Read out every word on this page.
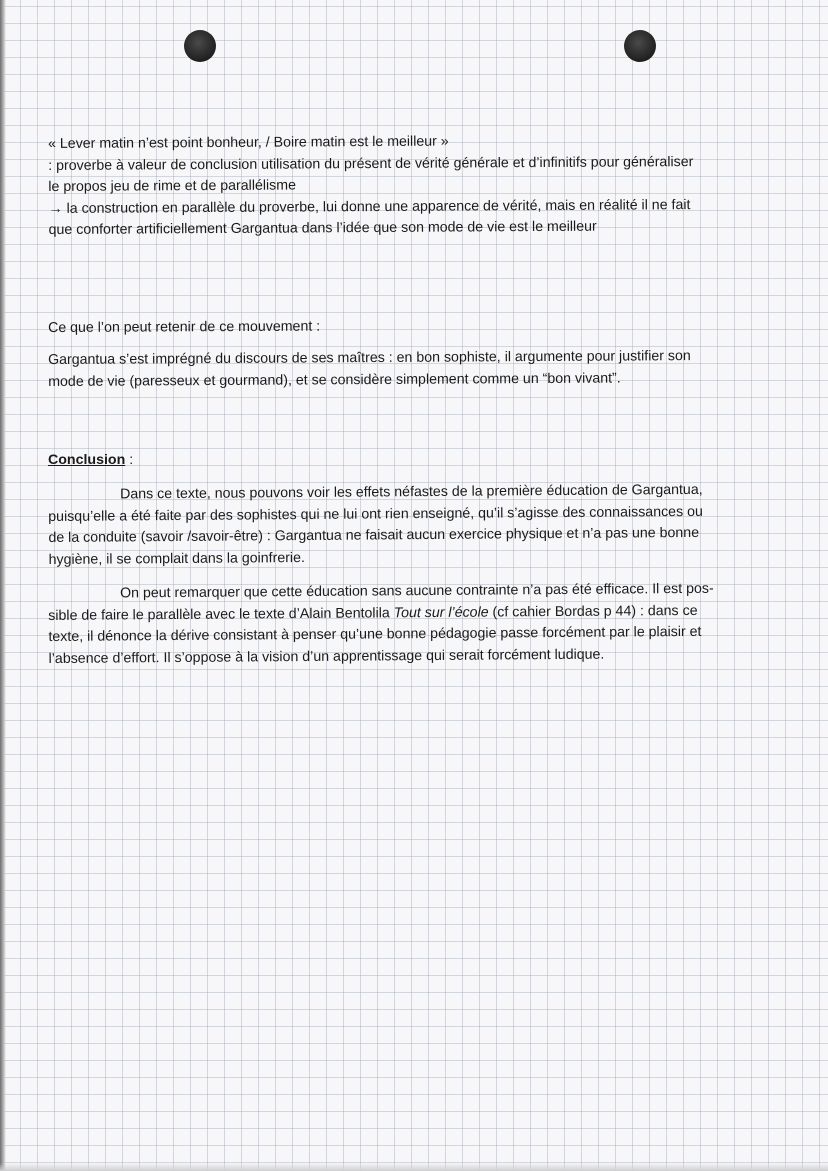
« Lever matin n’est point bonheur, / Boire matin est le meilleur »
: proverbe à valeur de conclusion utilisation du présent de vérité générale et d’infinitifs pour généraliser
le propos jeu de rime et de parallélisme
→ la construction en parallèle du proverbe, lui donne une apparence de vérité, mais en réalité il ne fait
que conforter artificiellement Gargantua dans l’idée que son mode de vie est le meilleur
Ce que l’on peut retenir de ce mouvement :
Gargantua s’est imprégné du discours de ses maîtres : en bon sophiste, il argumente pour justifier son
mode de vie (paresseux et gourmand), et se considère simplement comme un “bon vivant”.
Conclusion :
Dans ce texte, nous pouvons voir les effets néfastes de la première éducation de Gargantua,
puisqu’elle a été faite par des sophistes qui ne lui ont rien enseigné, qu’il s’agisse des connaissances ou
de la conduite (savoir /savoir-être) : Gargantua ne faisait aucun exercice physique et n’a pas une bonne
hygiène, il se complait dans la goinfrerie.
On peut remarquer que cette éducation sans aucune contrainte n’a pas été efficace. Il est pos-
sible de faire le parallèle avec le texte d’Alain Bentolila Tout sur l’école (cf cahier Bordas p 44) : dans ce
texte, il dénonce la dérive consistant à penser qu’une bonne pédagogie passe forcément par le plaisir et
l’absence d’effort. Il s’oppose à la vision d’un apprentissage qui serait forcément ludique.
